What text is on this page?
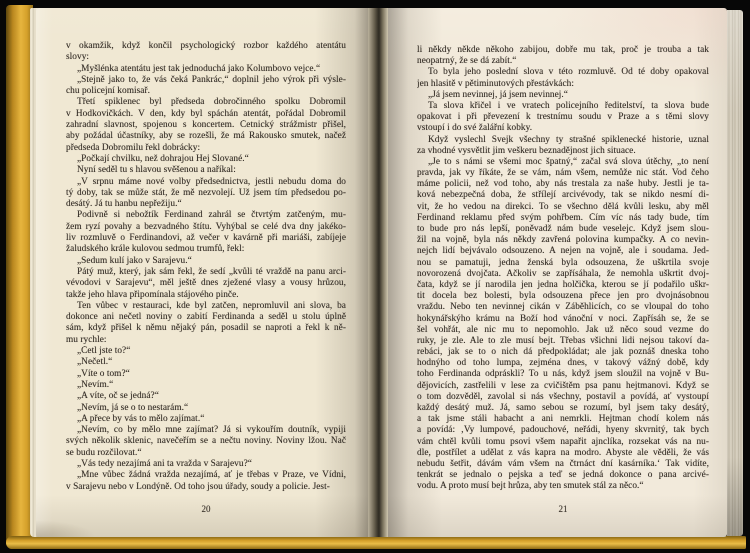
v okamžik, když končil psychologický rozbor každého atentátu
slovy:
„Myšlénka atentátu jest tak jednoduchá jako Kolumbovo vejce.“
„Stejně jako to, že vás čeká Pankrác,“ doplnil jeho výrok při výsle-
chu policejní komisař.
Třetí spiklenec byl předseda dobročinného spolku Dobromil
v Hodkovičkách. V den, kdy byl spáchán atentát, pořádal Dobromil
zahradní slavnost, spojenou s koncertem. Četnický strážmistr přišel,
aby požádal účastníky, aby se rozešli, že má Rakousko smutek, načež
předseda Dobromilu řekl dobrácky:
„Počkají chvilku, než dohrajou Hej Slované.“
Nyní seděl tu s hlavou svěšenou a naříkal:
„V srpnu máme nové volby předsednictva, jestli nebudu doma do
tý doby, tak se může stát, že mě nezvolejí. Už jsem tím předsedou po-
desátý. Já tu hanbu nepřežiju.“
Podivně si nebožtík Ferdinand zahrál se čtvrtým zatčeným, mu-
žem ryzí povahy a bezvadného štítu. Vyhýbal se celé dva dny jakéko-
liv rozmluvě o Ferdinandovi, až večer v kavárně při mariáši, zabíjeje
žaludského krále kulovou sedmou trumfů, řekl:
„Sedum kulí jako v Sarajevu.“
Pátý muž, který, jak sám řekl, že sedí „kvůli té vraždě na panu arci-
vévodovi v Sarajevu“, měl ještě dnes zježené vlasy a vousy hrůzou,
takže jeho hlava připomínala stájového pinče.
Ten vůbec v restauraci, kde byl zatčen, nepromluvil ani slova, ba
dokonce ani nečetl noviny o zabití Ferdinanda a seděl u stolu úplně
sám, když přišel k němu nějaký pán, posadil se naproti a řekl k ně-
mu rychle:
„Četl jste to?“
„Nečetl.“
„Víte o tom?“
„Nevím.“
„A víte, oč se jedná?“
„Nevím, já se o to nestarám.“
„A přece by vás to mělo zajímat.“
„Nevím, co by mělo mne zajímat? Já si vykouřím doutník, vypiji
svých několik sklenic, navečeřím se a nečtu noviny. Noviny lžou. Nač
se budu rozčilovat.“
„Vás tedy nezajímá ani ta vražda v Sarajevu?“
„Mne vůbec žádná vražda nezajímá, ať je třebas v Praze, ve Vídni,
v Sarajevu nebo v Londýně. Od toho jsou úřady, soudy a policie. Jest-
20
li někdy někde někoho zabijou, dobře mu tak, proč je trouba a tak
neopatrný, že se dá zabít.“
To byla jeho poslední slova v této rozmluvě. Od té doby opakoval
jen hlasitě v pětiminutových přestávkách:
„Já jsem nevinnej, já jsem nevinnej.“
Ta slova křičel i ve vratech policejního ředitelství, ta slova bude
opakovat i při převezení k trestnímu soudu v Praze a s těmi slovy
vstoupí i do své žalářní kobky.
Když vyslechl Švejk všechny ty strašné spiklenecké historie, uznal
za vhodné vysvětlit jim veškeru beznadějnost jich situace.
„Je to s námi se všemi moc špatný,“ začal svá slova útěchy, „to není
pravda, jak vy říkáte, že se vám, nám všem, nemůže nic stát. Vod čeho
máme policii, než vod toho, aby nás trestala za naše huby. Jestli je ta-
ková nebezpečná doba, že střílejí arcivévody, tak se nikdo nesmí di-
vit, že ho vedou na direkci. To se všechno dělá kvůli lesku, aby měl
Ferdinand reklamu před svým pohřbem. Čím víc nás tady bude, tím
to bude pro nás lepší, poněvadž nám bude veselejc. Když jsem slou-
žil na vojně, byla nás někdy zavřená polovina kumpačky. A co nevin-
nejch lidí bejvávalo odsouzeno. A nejen na vojně, ale i soudama. Jed-
nou se pamatuji, jedna ženská byla odsouzena, že uškrtila svoje
novorozená dvojčata. Ačkoliv se zapřísáhala, že nemohla uškrtit dvoj-
čata, když se jí narodila jen jedna holčička, kterou se jí podařilo uškr-
tit docela bez bolesti, byla odsouzena přece jen pro dvojnásobnou
vraždu. Nebo ten nevinnej cikán v Záběhlicích, co se vloupal do toho
hokynářskýho krámu na Boží hod vánoční v noci. Zapřísáh se, že se
šel vohřát, ale nic mu to nepomohlo. Jak už něco soud vezme do
ruky, je zle. Ale to zle musí bejt. Třebas všichni lidi nejsou takoví da-
rebáci, jak se to o nich dá předpokládat; ale jak poznáš dneska toho
hodnýho od toho lumpa, zejména dnes, v takový vážný době, kdy
toho Ferdinanda odpráskli? To u nás, když jsem sloužil na vojně v Bu-
dějovicích, zastřelili v lese za cvičištěm psa panu hejtmanovi. Když se
o tom dozvěděl, zavolal si nás všechny, postavil a povídá, ať vystoupí
každý desátý muž. Já, samo sebou se rozumí, byl jsem taky desátý,
a tak jsme stáli habacht a ani nemrkli. Hejtman chodí kolem nás
a povídá: ‚Vy lumpové, padouchové, neřádi, hyeny skvrnitý, tak bych
vám chtěl kvůli tomu psovi všem napařit ajnclíka, rozsekat vás na nu-
dle, postřílet a udělat z vás kapra na modro. Abyste ale věděli, že vás
nebudu šetřit, dávám vám všem na čtrnáct dní kasárníka.‘ Tak vidíte,
tenkrát se jednalo o pejska a teď se jedná dokonce o pana arcivé-
vodu. A proto musí bejt hrůza, aby ten smutek stál za něco.“
21
